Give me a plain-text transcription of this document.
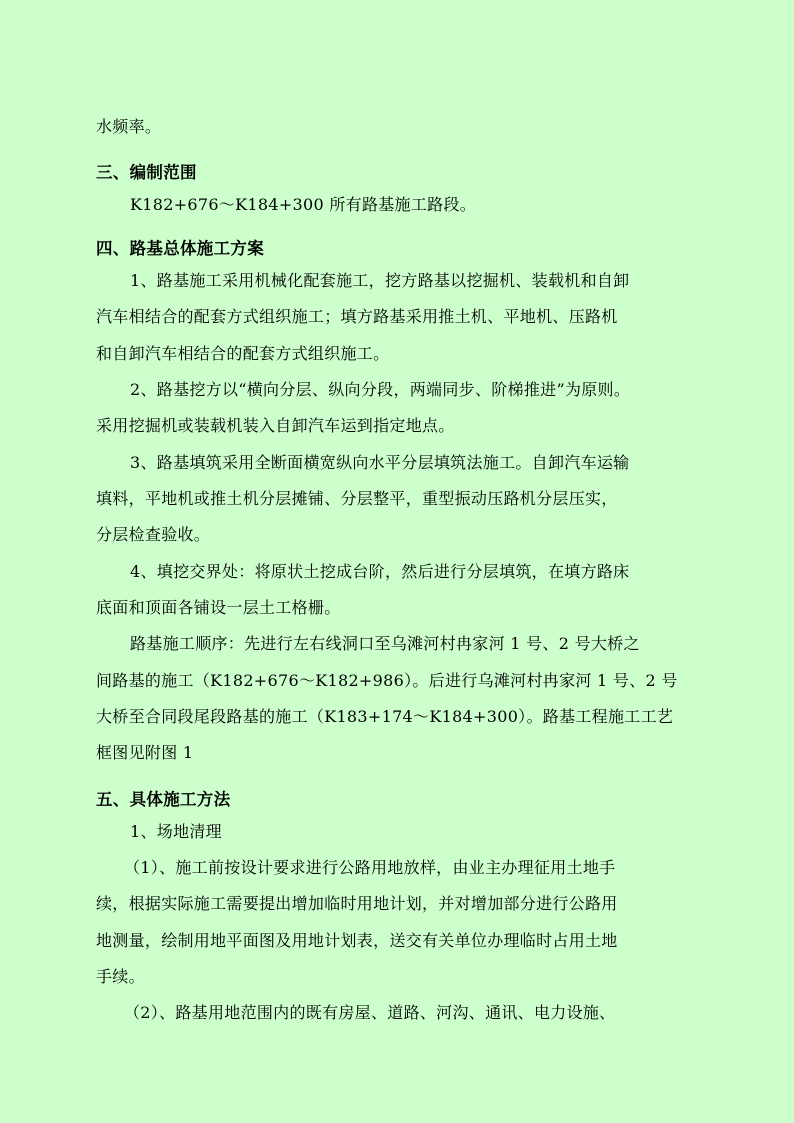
水频率。
三、编制范围
K182+676～K184+300 所有路基施工路段。
四、路基总体施工方案
1、路基施工采用机械化配套施工，挖方路基以挖掘机、装载机和自卸
汽车相结合的配套方式组织施工；填方路基采用推土机、平地机、压路机
和自卸汽车相结合的配套方式组织施工。
2、路基挖方以“横向分层、纵向分段，两端同步、阶梯推进”为原则。
采用挖掘机或装载机装入自卸汽车运到指定地点。
3、路基填筑采用全断面横宽纵向水平分层填筑法施工。自卸汽车运输
填料，平地机或推土机分层摊铺、分层整平，重型振动压路机分层压实，
分层检查验收。
4、填挖交界处：将原状土挖成台阶，然后进行分层填筑，在填方路床
底面和顶面各铺设一层土工格栅。
路基施工顺序：先进行左右线洞口至乌滩河村冉家河 1 号、2 号大桥之
间路基的施工（K182+676～K182+986）。后进行乌滩河村冉家河 1 号、2 号
大桥至合同段尾段路基的施工（K183+174～K184+300）。路基工程施工工艺
框图见附图 1
五、具体施工方法
1、场地清理
（1）、施工前按设计要求进行公路用地放样，由业主办理征用土地手
续，根据实际施工需要提出增加临时用地计划，并对增加部分进行公路用
地测量，绘制用地平面图及用地计划表，送交有关单位办理临时占用土地
手续。
（2）、路基用地范围内的既有房屋、道路、河沟、通讯、电力设施、
